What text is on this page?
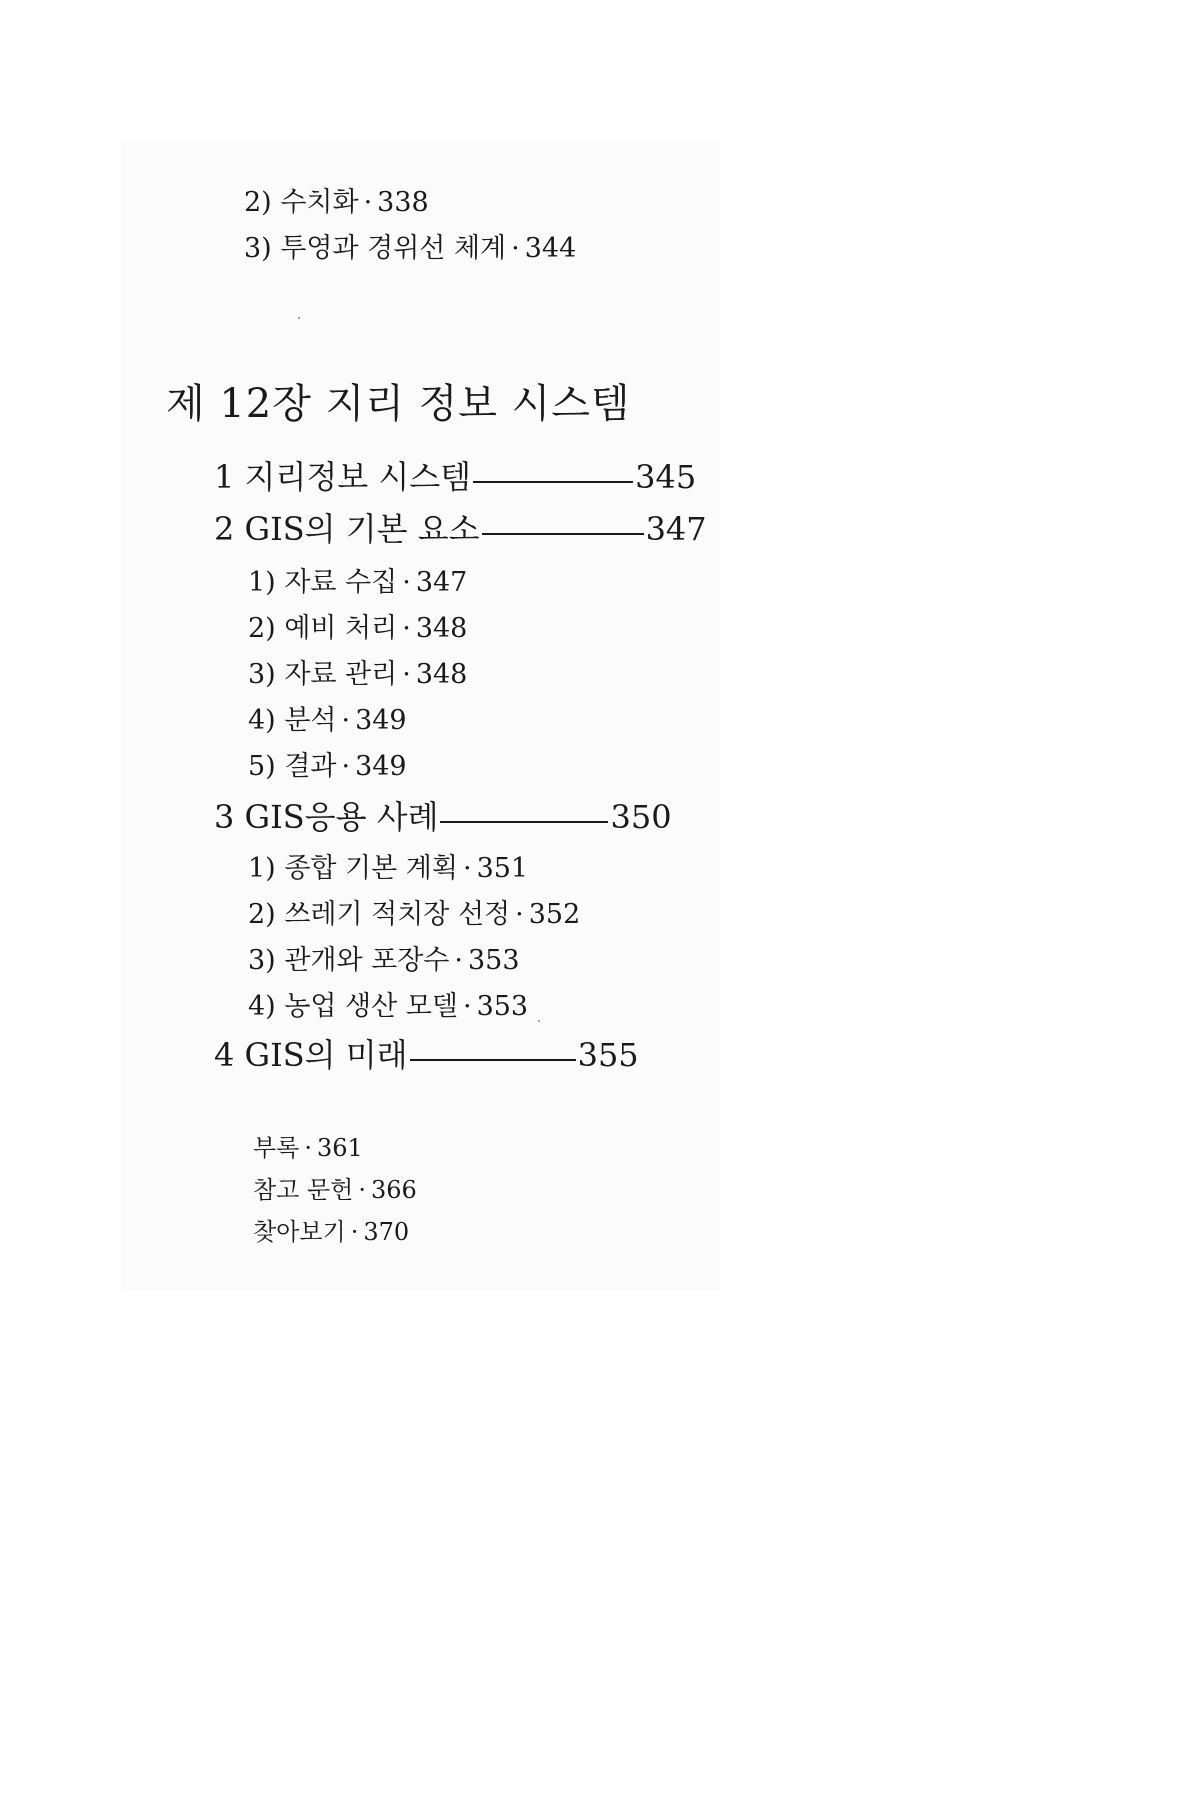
2) 수치화 · 338
3) 투영과 경위선 체계 · 344
제 12장 지리 정보 시스템
1 지리정보 시스템	345
2 GIS의 기본 요소	347
1) 자료 수집 · 347
2) 예비 처리 · 348
3) 자료 관리 · 348
4) 분석 · 349
5) 결과 · 349
3 GIS응용 사례	350
1) 종합 기본 계획 · 351
2) 쓰레기 적치장 선정 · 352
3) 관개와 포장수 · 353
4) 농업 생산 모델 · 353
4 GIS의 미래	355
부록 · 361
참고 문헌 · 366
찾아보기 · 370
